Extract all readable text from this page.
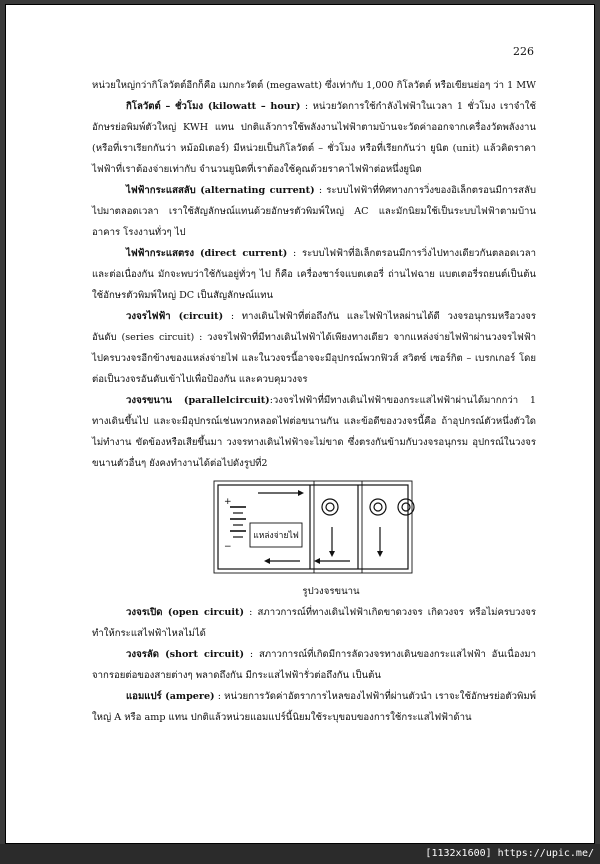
226

หน่วยใหญ่กว่ากิโลวัตต์อีกก็คือ เมกกะวัตต์ (megawatt) ซึ่งเท่ากับ 1,000 กิโลวัตต์ หรือเขียนย่อๆ ว่า 1 MW

กิโลวัตต์ – ชั่วโมง (kilowatt – hour) : หน่วยวัดการใช้กำลังไฟฟ้าในเวลา 1 ชั่วโมง เราจำใช้อักษรย่อพิมพ์ตัวใหญ่ KWH แทน ปกติแล้วการใช้พลังงานไฟฟ้าตามบ้านจะวัดค่าออกจากเครื่องวัดพลังงาน (หรือที่เราเรียกกันว่า หม้อมิเตอร์) มีหน่วยเป็นกิโลวัตต์ – ชั่วโมง หรือที่เรียกกันว่า ยูนิต (unit) แล้วคิดราคาไฟฟ้าที่เราต้องจ่ายเท่ากับ จำนวนยูนิตที่เราต้องใช้คูณด้วยราคาไฟฟ้าต่อหนึ่งยูนิต

ไฟฟ้ากระแสสลับ (alternating current) : ระบบไฟฟ้าที่ทิศทางการวิ่งของอิเล็กตรอนมีการสลับไปมาตลอดเวลา เราใช้สัญลักษณ์แทนด้วยอักษรตัวพิมพ์ใหญ่ AC และมักนิยมใช้เป็นระบบไฟฟ้าตามบ้าน อาคาร โรงงานทั่วๆ ไป

ไฟฟ้ากระแสตรง (direct current) : ระบบไฟฟ้าที่อิเล็กตรอนมีการวิ่งไปทางเดียวกันตลอดเวลา และต่อเนื่องกัน มักจะพบว่าใช้กันอยู่ทั่วๆ ไป ก็คือ เครื่องชาร์จแบตเตอรี่ ถ่านไฟฉาย แบตเตอรี่รถยนต์เป็นต้น ใช้อักษรตัวพิมพ์ใหญ่ DC เป็นสัญลักษณ์แทน

วงจรไฟฟ้า (circuit) : ทางเดินไฟฟ้าที่ต่อถึงกัน และไฟฟ้าไหลผ่านได้ดี วงจรอนุกรมหรือวงจรอันดับ (series circuit) : วงจรไฟฟ้าที่มีทางเดินไฟฟ้าได้เพียงทางเดียว จากแหล่งจ่ายไฟฟ้าผ่านวงจรไฟฟ้าไปครบวงจรอีกข้างของแหล่งจ่ายไฟ และในวงจรนี้อาจจะมีอุปกรณ์พวกฟิวส์ สวิตซ์ เซอร์กิต – เบรกเกอร์ โดยต่อเป็นวงจรอันดับเข้าไปเพื่อป้องกัน และควบคุมวงจร

วงจรขนาน (parallelcircuit):วงจรไฟฟ้าที่มีทางเดินไฟฟ้าของกระแสไฟฟ้าผ่านได้มากกว่า 1 ทางเดินขึ้นไป และจะมีอุปกรณ์เช่นพวกหลอดไฟต่อขนานกัน และข้อดีของวงจรนี้คือ ถ้าอุปกรณ์ตัวหนึ่งตัวใดไม่ทำงาน ขัดข้องหรือเสียขึ้นมา วงจรทางเดินไฟฟ้าจะไม่ขาด ซึ่งตรงกันข้ามกับวงจรอนุกรม อุปกรณ์ในวงจรขนานตัวอื่นๆ ยังคงทำงานได้ต่อไปดังรูปที่2

+
−
แหล่งจ่ายไฟ

รูปวงจรขนาน

วงจรเปิด (open circuit) : สภาวการณ์ที่ทางเดินไฟฟ้าเกิดขาดวงจร เกิดวงจร หรือไม่ครบวงจร ทำให้กระแสไฟฟ้าไหลไม่ได้

วงจรลัด (short circuit) : สภาวการณ์ที่เกิดมีการลัดวงจรทางเดินของกระแสไฟฟ้า อันเนื่องมาจากรอยต่อของสายต่างๆ พลาดถึงกัน มีกระแสไฟฟ้ารั่วต่อถึงกัน เป็นต้น

แอมแปร์ (ampere) : หน่วยการวัดค่าอัตราการไหลของไฟฟ้าที่ผ่านตัวนำ เราจะใช้อักษรย่อตัวพิมพ์ใหญ่ A หรือ amp แทน ปกติแล้วหน่วยแอมแปร์นี้นิยมใช้ระบุขอบของการใช้กระแสไฟฟ้าด้าน

[1132x1600] https://upic.me/
